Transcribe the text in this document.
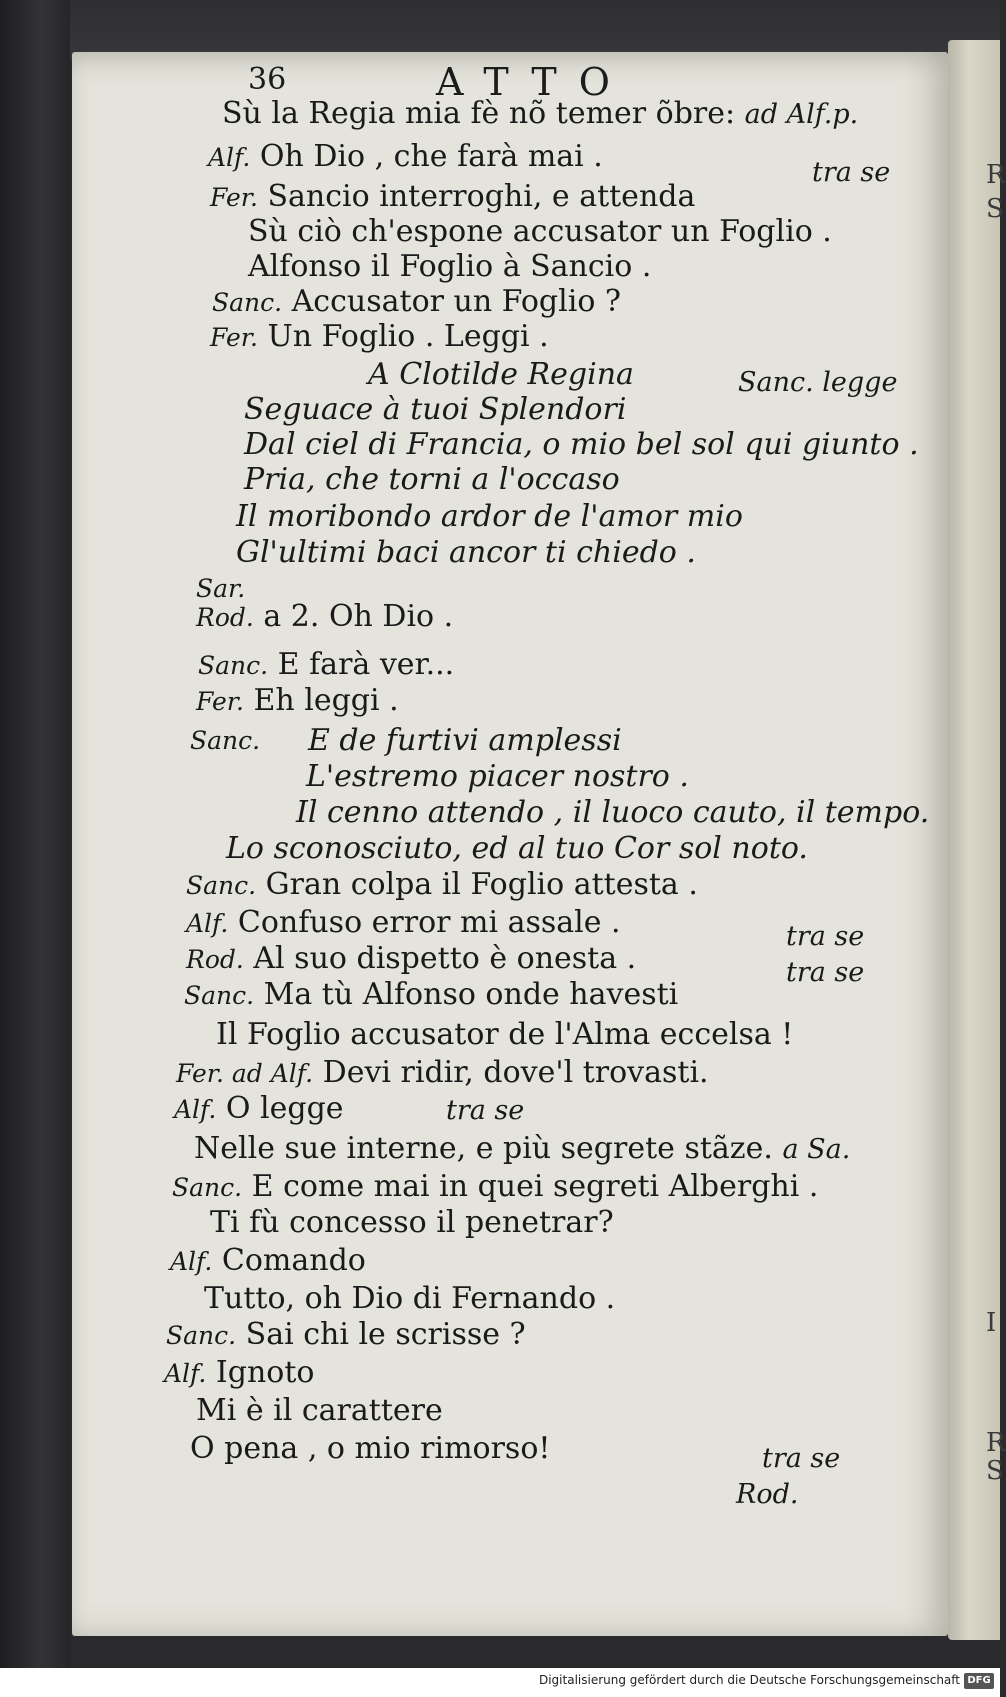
R
S
I
R
S
36	ATTO
Sù la Regia mia fè nõ temer õbre: ad Alf.p.
Alf. Oh Dio , che farà mai .	tra se
Fer. Sancio interroghi, e attenda
Sù ciò ch'espone accusator un Foglio .
Alfonso il Foglio à Sancio .
Sanc. Accusator un Foglio ?
Fer. Un Foglio . Leggi .
A Clotilde Regina	Sanc. legge
Seguace à tuoi Splendori
Dal ciel di Francia, o mio bel sol qui giunto .
Pria, che torni a l'occaso
Il moribondo ardor de l'amor mio
Gl'ultimi baci ancor ti chiedo .
Sar.
Rod. a 2. Oh Dio .
Sanc. E farà ver...
Fer. Eh leggi .
Sanc. E de furtivi amplessi
L'estremo piacer nostro .
Il cenno attendo , il luoco cauto, il tempo.
Lo sconosciuto, ed al tuo Cor sol noto.
Sanc. Gran colpa il Foglio attesta .
Alf. Confuso error mi assale .	tra se
Rod. Al suo dispetto è onesta .	tra se
Sanc. Ma tù Alfonso onde havesti
Il Foglio accusator de l'Alma eccelsa !
Fer. ad Alf. Devi ridir, dove'l trovasti.
Alf. O legge	tra se
Nelle sue interne, e più segrete stãze. a Sa.
Sanc. E come mai in quei segreti Alberghi .
Ti fù concesso il penetrar?
Alf. Comando
Tutto, oh Dio di Fernando .
Sanc. Sai chi le scrisse ?
Alf. Ignoto
Mi è il carattere
O pena , o mio rimorso!	tra se
Rod.
Digitalisierung gefördert durch die Deutsche Forschungsgemeinschaft DFG
